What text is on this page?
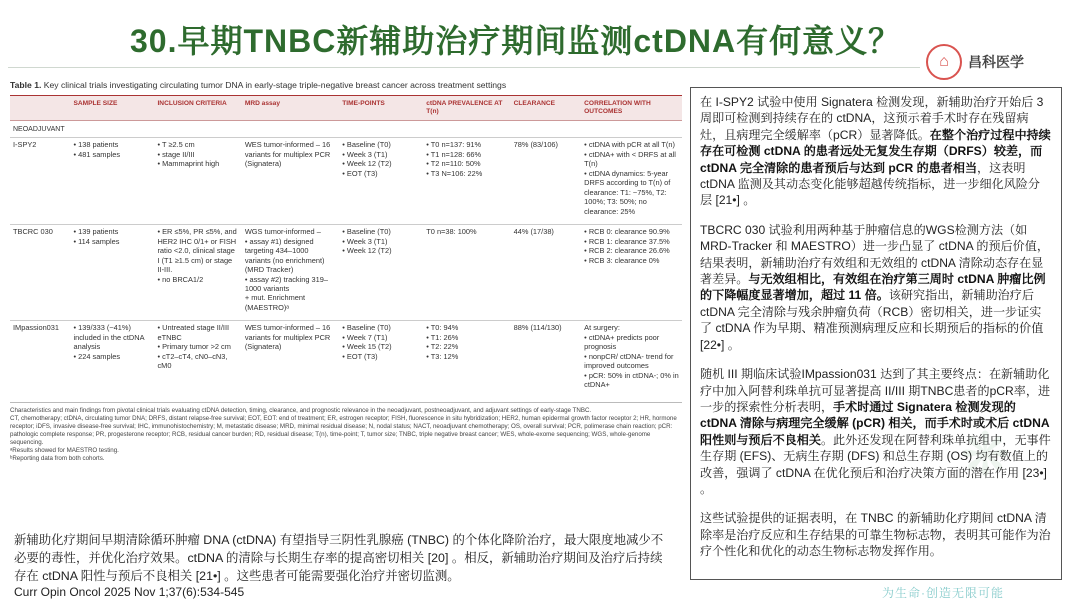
❋
30.早期TNBC新辅助治疗期间监测ctDNA有何意义？
⌂	昌科医学
Table 1. Key clinical trials investigating circulating tumor DNA in early-stage triple-negative breast cancer across treatment settings
	SAMPLE SIZE	INCLUSION CRITERIA	MRD assay	TIME-POINTS	ctDNA PREVALENCE AT T(n)	CLEARANCE	CORRELATION WITH OUTCOMES
NEOADJUVANT							
I-SPY2	• 138 patients
• 481 samples	• T ≥2.5 cm
• stage II/III
• Mammaprint high	WES tumor-informed – 16 variants for multiplex PCR (Signatera)	• Baseline (T0)
• Week 3 (T1)
• Week 12 (T2)
• EOT (T3)	• T0 n=137: 91%
• T1 n=128: 66%
• T2 n=110: 50%
• T3 N=106: 22%	78% (83/106)	• ctDNA with pCR at all T(n)
• ctDNA+ with < DRFS at all T(n)
• ctDNA dynamics: 5-year DRFS according to T(n) of clearance: T1: ~75%, T2: 100%; T3: 50%; no clearance: 25%
TBCRC 030	• 139 patients
• 114 samples	• ER ≤5%, PR ≤5%, and HER2 IHC 0/1+ or FISH ratio <2.0, clinical stage I (T1 ≥1.5 cm) or stage II-III.
• no BRCA1/2	WGS tumor-informed –
• assay #1) designed targeting 434–1000 variants (no enrichment) (MRD Tracker)
• assay #2) tracking 319–1000 variants
+ mut. Enrichment (MAESTRO)ᵃ	• Baseline (T0)
• Week 3 (T1)
• Week 12 (T2)	T0 n=38: 100%	44% (17/38)	• RCB 0: clearance 90.9%
• RCB 1: clearance 37.5%
• RCB 2: clearance 26.6%
• RCB 3: clearance 0%
IMpassion031	• 139/333 (~41%) included in the ctDNA analysis
• 224 samples	• Untreated stage II/III eTNBC
• Primary tumor >2 cm
• cT2–cT4, cN0–cN3, cM0	WES tumor-informed – 16 variants for multiplex PCR (Signatera)	• Baseline (T0)
• Week 7 (T1)
• Week 15 (T2)
• EOT (T3)	• T0: 94%
• T1: 26%
• T2: 22%
• T3: 12%	88% (114/130)	At surgery:
• ctDNA+ predicts poor prognosis
• nonpCR/ ctDNA- trend for improved outcomes
• pCR: 50% in ctDNA-; 0% in ctDNA+
Characteristics and main findings from pivotal clinical trials evaluating ctDNA detection, timing, clearance, and prognostic relevance in the neoadjuvant, postneoadjuvant, and adjuvant settings of early-stage TNBC.
CT, chemotherapy; ctDNA, circulating tumor DNA; DRFS, distant relapse-free survival; EOT, EOT: end of treatment; ER, estrogen receptor; FISH, fluorescence in situ hybridization; HER2, human epidermal growth factor receptor 2; HR, hormone receptor; iDFS, invasive disease-free survival; IHC, immunohistochemistry; M, metastatic disease; MRD, minimal residual disease; N, nodal status; NACT, neoadjuvant chemotherapy; OS, overall survival; PCR, polimerase chain reaction; pCR: pathologic complete response; PR, progesterone receptor; RCB, residual cancer burden; RD, residual disease; T(n), time-point; T, tumor size; TNBC, triple negative breast cancer; WES, whole-exome sequencing; WGS, whole-genome sequencing.
ᵃResults showed for MAESTRO testing.
ᵇReporting data from both cohorts.
新辅助化疗期间早期清除循环肿瘤 DNA (ctDNA) 有望指导三阴性乳腺癌 (TNBC) 的个体化降阶治疗，最大限度地减少不必要的毒性，并优化治疗效果。ctDNA 的清除与长期生存率的提高密切相关 [20] 。相反，新辅助治疗期间及治疗后持续存在 ctDNA 阳性与预后不良相关 [21•] 。这些患者可能需要强化治疗并密切监测。
Curr Opin Oncol 2025 Nov 1;37(6):534-545

在 I-SPY2 试验中使用 Signatera 检测发现，新辅助治疗开始后 3 周即可检测到持续存在的 ctDNA，这预示着手术时存在残留病灶，且病理完全缓解率（pCR）显著降低。在整个治疗过程中持续存在可检测 ctDNA 的患者远处无复发生存期（DRFS）较差，而 ctDNA 完全清除的患者预后与达到 pCR 的患者相当，这表明 ctDNA 监测及其动态变化能够超越传统指标，进一步细化风险分层 [21•] 。

TBCRC 030 试验利用两种基于肿瘤信息的WGS检测方法（如 MRD-Tracker 和 MAESTRO）进一步凸显了 ctDNA 的预后价值，结果表明，新辅助治疗有效组和无效组的 ctDNA 清除动态存在显著差异。与无效组相比，有效组在治疗第三周时 ctDNA 肿瘤比例的下降幅度显著增加，超过 11 倍。该研究指出，新辅助治疗后 ctDNA 完全清除与残余肿瘤负荷（RCB）密切相关，进一步证实了 ctDNA 作为早期、精准预测病理反应和长期预后的指标的价值 [22•] 。

随机 III 期临床试验IMpassion031 达到了其主要终点：在新辅助化疗中加入阿替利珠单抗可显著提高 II/III 期TNBC患者的pCR率，进一步的探索性分析表明，手术时通过 Signatera 检测发现的 ctDNA 清除与病理完全缓解 (pCR) 相关，而手术时或术后 ctDNA 阳性则与预后不良相关。此外还发现在阿替利珠单抗组中，无事件生存期 (EFS)、无病生存期 (DFS) 和总生存期 (OS) 均有数值上的改善，强调了 ctDNA 在优化预后和治疗决策方面的潜在作用 [23•] 。

这些试验提供的证据表明，在 TNBC 的新辅助化疗期间 ctDNA 清除率是治疗反应和生存结果的可靠生物标志物，表明其可能作为治疗个性化和优化的动态生物标志物发挥作用。

为生命·创造无限可能
